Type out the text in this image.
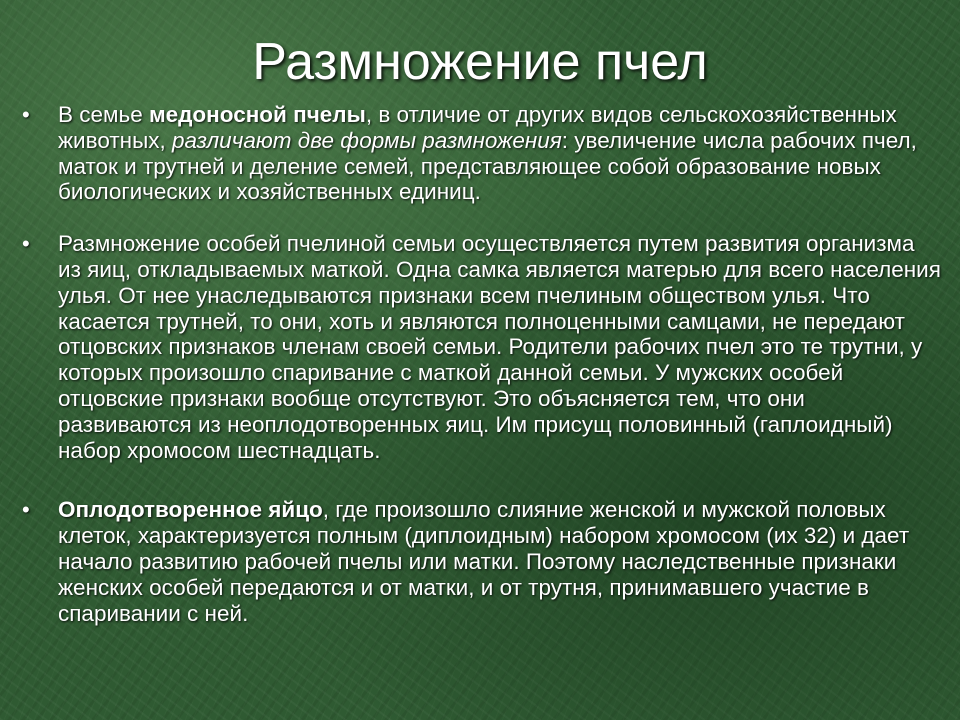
Размножение пчел
•	В семье медоносной пчелы, в отличие от других видов сельскохозяйственных животных, различают две формы размножения: увеличение числа рабочих пчел, маток и трутней и деление семей, представляющее собой образование новых биологических и хозяйственных единиц.
•	Размножение особей пчелиной семьи осуществляется путем развития организма из яиц, откладываемых маткой. Одна самка является матерью для всего населения улья. От нее унаследываются признаки всем пчелиным обществом улья. Что касается трутней, то они, хоть и являются полноценными самцами, не передают отцовских признаков членам своей семьи. Родители рабочих пчел это те трутни, у которых произошло спаривание с маткой данной семьи. У мужских особей отцовские признаки вообще отсутствуют. Это объясняется тем, что они развиваются из неоплодотворенных яиц. Им присущ половинный (гаплоидный) набор хромосом шестнадцать.
•	Оплодотворенное яйцо, где произошло слияние женской и мужской половых клеток, характеризуется полным (диплоидным) набором хромосом (их 32) и дает начало развитию рабочей пчелы или матки. Поэтому наследственные признаки женских особей передаются и от матки, и от трутня, принимавшего участие в спаривании с ней.
